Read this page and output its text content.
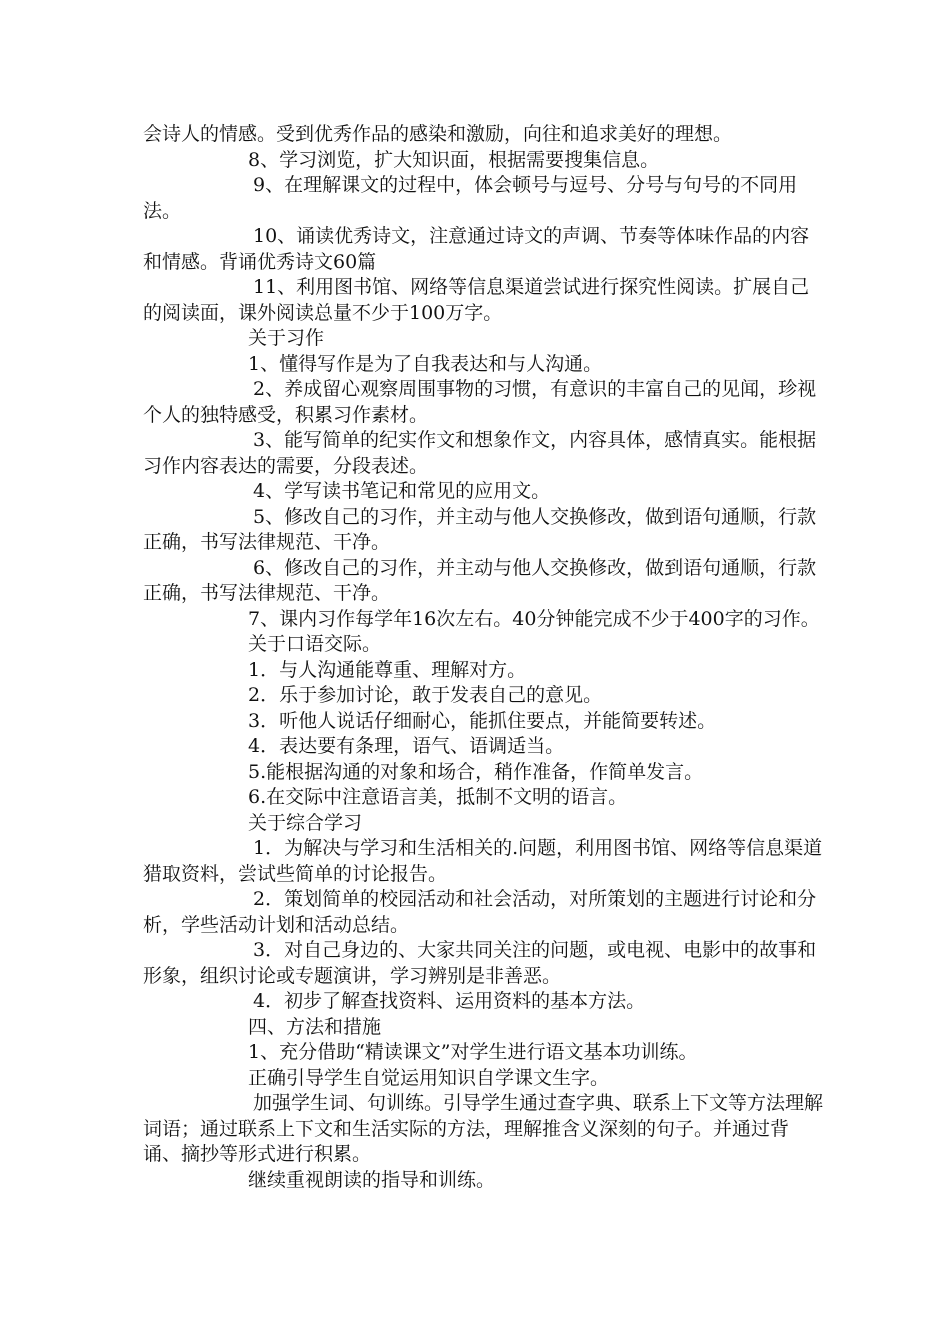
会诗人的情感。受到优秀作品的感染和激励，向往和追求美好的理想。

8、学习浏览，扩大知识面，根据需要搜集信息。

9、在理解课文的过程中，体会顿号与逗号、分号与句号的不同用法。

10、诵读优秀诗文，注意通过诗文的声调、节奏等体味作品的内容和情感。背诵优秀诗文60篇

11、利用图书馆、网络等信息渠道尝试进行探究性阅读。扩展自己的阅读面，课外阅读总量不少于100万字。

关于习作

1、懂得写作是为了自我表达和与人沟通。

2、养成留心观察周围事物的习惯，有意识的丰富自己的见闻，珍视个人的独特感受，积累习作素材。

3、能写简单的纪实作文和想象作文，内容具体，感情真实。能根据习作内容表达的需要，分段表述。

4、学写读书笔记和常见的应用文。

5、修改自己的习作，并主动与他人交换修改，做到语句通顺，行款正确，书写法律规范、干净。

6、修改自己的习作，并主动与他人交换修改，做到语句通顺，行款正确，书写法律规范、干净。

7、课内习作每学年16次左右。40分钟能完成不少于400字的习作。

关于口语交际。

1．与人沟通能尊重、理解对方。

2．乐于参加讨论，敢于发表自己的意见。

3．听他人说话仔细耐心，能抓住要点，并能简要转述。

4．表达要有条理，语气、语调适当。

5.能根据沟通的对象和场合，稍作准备，作简单发言。

6.在交际中注意语言美，抵制不文明的语言。

关于综合学习

1．为解决与学习和生活相关的.问题，利用图书馆、网络等信息渠道猎取资料，尝试些简单的讨论报告。

2．策划简单的校园活动和社会活动，对所策划的主题进行讨论和分析，学些活动计划和活动总结。

3．对自己身边的、大家共同关注的问题，或电视、电影中的故事和形象，组织讨论或专题演讲，学习辨别是非善恶。

4．初步了解查找资料、运用资料的基本方法。

四、方法和措施

1、充分借助“精读课文”对学生进行语文基本功训练。

正确引导学生自觉运用知识自学课文生字。

加强学生词、句训练。引导学生通过查字典、联系上下文等方法理解词语；通过联系上下文和生活实际的方法，理解推含义深刻的句子。并通过背诵、摘抄等形式进行积累。

继续重视朗读的指导和训练。
